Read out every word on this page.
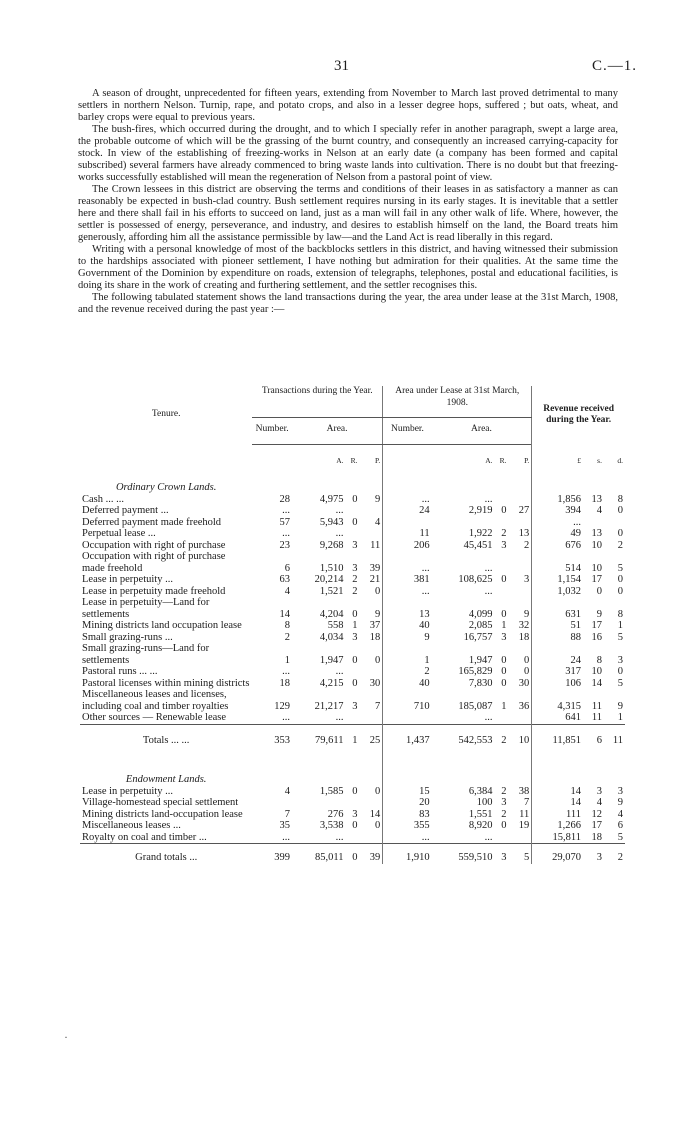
31	C.—1.

A season of drought, unprecedented for fifteen years, extending from November to March last proved detrimental to many settlers in northern Nelson. Turnip, rape, and potato crops, and also in a lesser degree hops, suffered ; but oats, wheat, and barley crops were equal to previous years.

The bush-fires, which occurred during the drought, and to which I specially refer in another paragraph, swept a large area, the probable outcome of which will be the grassing of the burnt country, and consequently an increased carrying-capacity for stock. In view of the establishing of freezing-works in Nelson at an early date (a company has been formed and capital subscribed) several farmers have already commenced to bring waste lands into cultivation. There is no doubt but that freezing-works successfully established will mean the regeneration of Nelson from a pastoral point of view.

The Crown lessees in this district are observing the terms and conditions of their leases in as satisfactory a manner as can reasonably be expected in bush-clad country. Bush settlement requires nursing in its early stages. It is inevitable that a settler here and there shall fail in his efforts to succeed on land, just as a man will fail in any other walk of life. Where, however, the settler is possessed of energy, perseverance, and industry, and desires to establish himself on the land, the Board treats him generously, affording him all the assistance permissible by law—and the Land Act is read liberally in this regard.

Writing with a personal knowledge of most of the backblocks settlers in this district, and having witnessed their submission to the hardships associated with pioneer settlement, I have nothing but admiration for their qualities. At the same time the Government of the Dominion by expenditure on roads, extension of telegraphs, telephones, postal and educational facilities, is doing its share in the work of creating and furthering settlement, and the settler recognises this.

The following tabulated statement shows the land transactions during the year, the area under lease at the 31st March, 1908, and the revenue received during the past year :—

·
Tenure.	Transactions during the Year.				Area under Lease at 31st March, 1908.				Revenue received during the Year.		
	Number.	Area.			Number.	Area.					
		A.	R.	P.		A.	R.	P.	£	s.	d.
Ordinary Crown Lands.											
Cash ... ...	28	4,975	0	9	...	...			1,856	13	8
Deferred payment ...	...	...			24	2,919	0	27	394	4	0
Deferred payment made freehold	57	5,943	0	4					...		
Perpetual lease ...	...	...			11	1,922	2	13	49	13	0
Occupation with right of purchase	23	9,268	3	11	206	45,451	3	2	676	10	2
Occupation with right of purchase made freehold	6	1,510	3	39	...	...			514	10	5
Lease in perpetuity ...	63	20,214	2	21	381	108,625	0	3	1,154	17	0
Lease in perpetuity made freehold	4	1,521	2	0	...	...			1,032	0	0
Lease in perpetuity—Land for settlements	14	4,204	0	9	13	4,099	0	9	631	9	8
Mining districts land occupation lease	8	558	1	37	40	2,085	1	32	51	17	1
Small grazing-runs ...	2	4,034	3	18	9	16,757	3	18	88	16	5
Small grazing-runs—Land for settlements	1	1,947	0	0	1	1,947	0	0	24	8	3
Pastoral runs ... ...	...	...			2	165,829	0	0	317	10	0
Pastoral licenses within mining districts	18	4,215	0	30	40	7,830	0	30	106	14	5
Miscellaneous leases and licenses, including coal and timber royalties	129	21,217	3	7	710	185,087	1	36	4,315	11	9
Other sources — Renewable lease	...	...				...			641	11	1
Totals ... ...	353	79,611	1	25	1,437	542,553	2	10	11,851	6	11
Endowment Lands.											
Lease in perpetuity ...	4	1,585	0	0	15	6,384	2	38	14	3	3
Village-homestead special settlement					20	100	3	7	14	4	9
Mining districts land-occupation lease	7	276	3	14	83	1,551	2	11	111	12	4
Miscellaneous leases ...	35	3,538	0	0	355	8,920	0	19	1,266	17	6
Royalty on coal and timber ...	...	...			...	...			15,811	18	5
Grand totals ...	399	85,011	0	39	1,910	559,510	3	5	29,070	3	2
